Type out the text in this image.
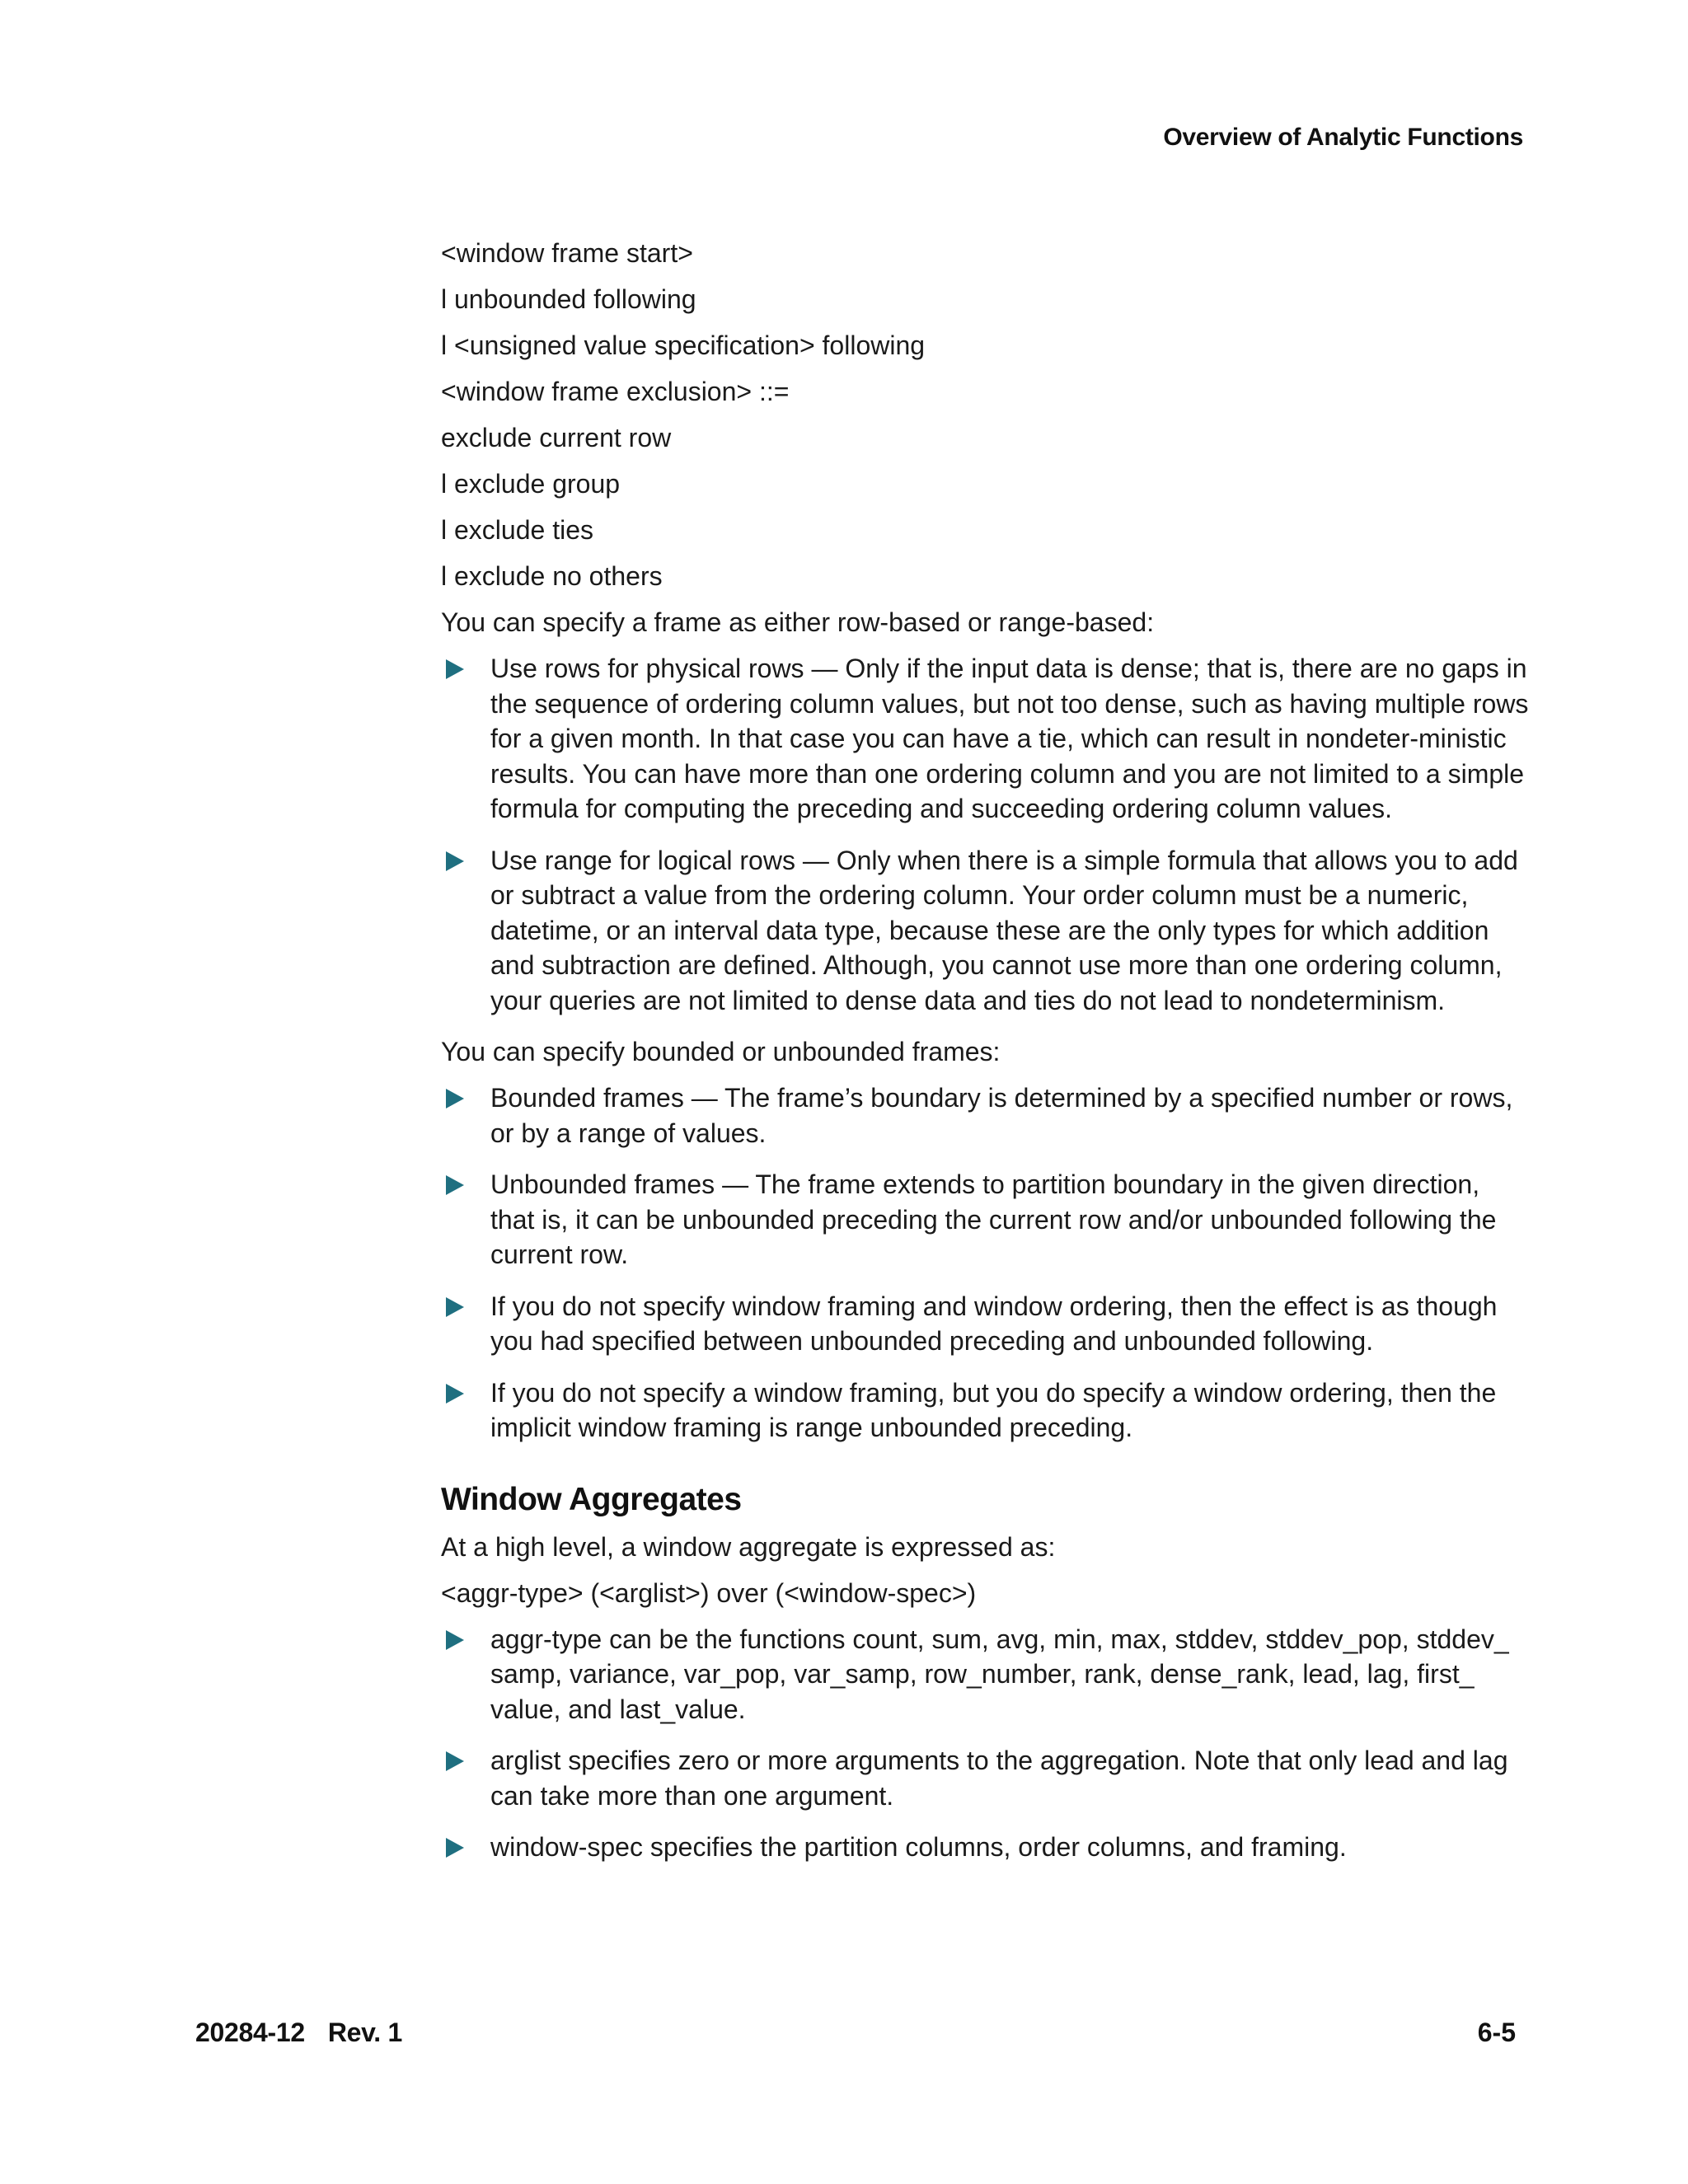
Overview of Analytic Functions
<window frame start>
l unbounded following
l <unsigned value specification> following
<window frame exclusion> ::=
exclude current row
l exclude group
l exclude ties
l exclude no others
You can specify a frame as either row-based or range-based:
Use rows for physical rows — Only if the input data is dense; that is, there are no gaps in the sequence of ordering column values, but not too dense, such as having multiple rows for a given month. In that case you can have a tie, which can result in nondeter-ministic results. You can have more than one ordering column and you are not limited to a simple formula for computing the preceding and succeeding ordering column values.
Use range for logical rows — Only when there is a simple formula that allows you to add or subtract a value from the ordering column. Your order column must be a numeric, datetime, or an interval data type, because these are the only types for which addition and subtraction are defined. Although, you cannot use more than one ordering column, your queries are not limited to dense data and ties do not lead to nondeterminism.
You can specify bounded or unbounded frames:
Bounded frames — The frame’s boundary is determined by a specified number or rows, or by a range of values.
Unbounded frames — The frame extends to partition boundary in the given direction, that is, it can be unbounded preceding the current row and/or unbounded following the current row.
If you do not specify window framing and window ordering, then the effect is as though you had specified between unbounded preceding and unbounded following.
If you do not specify a window framing, but you do specify a window ordering, then the implicit window framing is range unbounded preceding.
Window Aggregates
At a high level, a window aggregate is expressed as:
<aggr-type> (<arglist>) over (<window-spec>)
aggr-type can be the functions count, sum, avg, min, max, stddev, stddev_pop, stddev_ samp, variance, var_pop, var_samp, row_number, rank, dense_rank, lead, lag, first_ value, and last_value.
arglist specifies zero or more arguments to the aggregation. Note that only lead and lag can take more than one argument.
window-spec specifies the partition columns, order columns, and framing.
20284-12 Rev. 1	6-5
